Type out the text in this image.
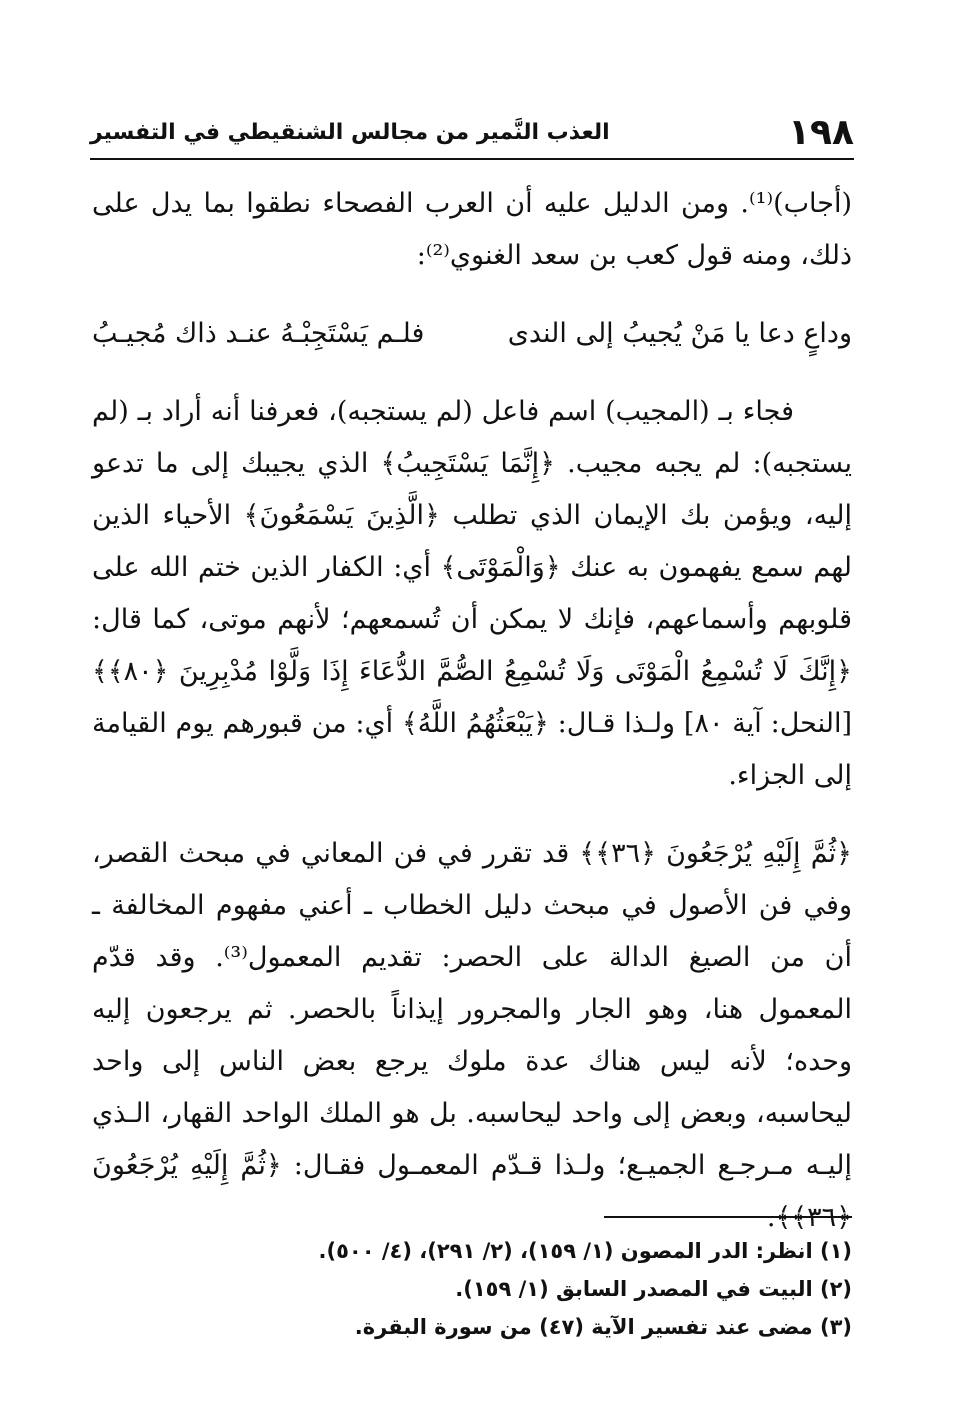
١٩٨
العذب النَّمير من مجالس الشنقيطي في التفسير

(أجاب)⁽¹⁾. ومن الدليل عليه أن العرب الفصحاء نطقوا بما يدل على ذلك، ومنه قول كعب بن سعد الغنوي⁽²⁾:

وداعٍ دعا يا مَنْ يُجيبُ إلى الندى
فلـم يَسْتَجِبْـهُ عنـد ذاك مُجيـبُ

فجاء بـ (المجيب) اسم فاعل (لم يستجبه)، فعرفنا أنه أراد بـ (لم يستجبه): لم يجبه مجيب. ﴿إِنَّمَا يَسْتَجِيبُ﴾ الذي يجيبك إلى ما تدعو إليه، ويؤمن بك الإيمان الذي تطلب ﴿الَّذِينَ يَسْمَعُونَ﴾ الأحياء الذين لهم سمع يفهمون به عنك ﴿وَالْمَوْتَى﴾ أي: الكفار الذين ختم الله على قلوبهم وأسماعهم، فإنك لا يمكن أن تُسمعهم؛ لأنهم موتى، كما قال: ﴿إِنَّكَ لَا تُسْمِعُ الْمَوْتَى وَلَا تُسْمِعُ الصُّمَّ الدُّعَاءَ إِذَا وَلَّوْا مُدْبِرِينَ ﴿٨٠﴾﴾ [النحل: آية ٨٠] ولـذا قـال: ﴿يَبْعَثُهُمُ اللَّهُ﴾ أي: من قبورهم يوم القيامة إلى الجزاء.

﴿ثُمَّ إِلَيْهِ يُرْجَعُونَ ﴿٣٦﴾﴾ قد تقرر في فن المعاني في مبحث القصر، وفي فن الأصول في مبحث دليل الخطاب ـ أعني مفهوم المخالفة ـ أن من الصيغ الدالة على الحصر: تقديم المعمول⁽³⁾. وقد قدّم المعمول هنا، وهو الجار والمجرور إيذاناً بالحصر. ثم يرجعون إليه وحده؛ لأنه ليس هناك عدة ملوك يرجع بعض الناس إلى واحد ليحاسبه، وبعض إلى واحد ليحاسبه. بل هو الملك الواحد القهار، الـذي إليـه مـرجـع الجميـع؛ ولـذا قـدّم المعمـول فقـال: ﴿ثُمَّ إِلَيْهِ يُرْجَعُونَ ﴿٣٦﴾﴾.

(١) انظر: الدر المصون (١/ ١٥٩)، (٢/ ٢٩١)، (٤/ ٥٠٠).

(٢) البيت في المصدر السابق (١/ ١٥٩).

(٣) مضى عند تفسير الآية (٤٧) من سورة البقرة.
